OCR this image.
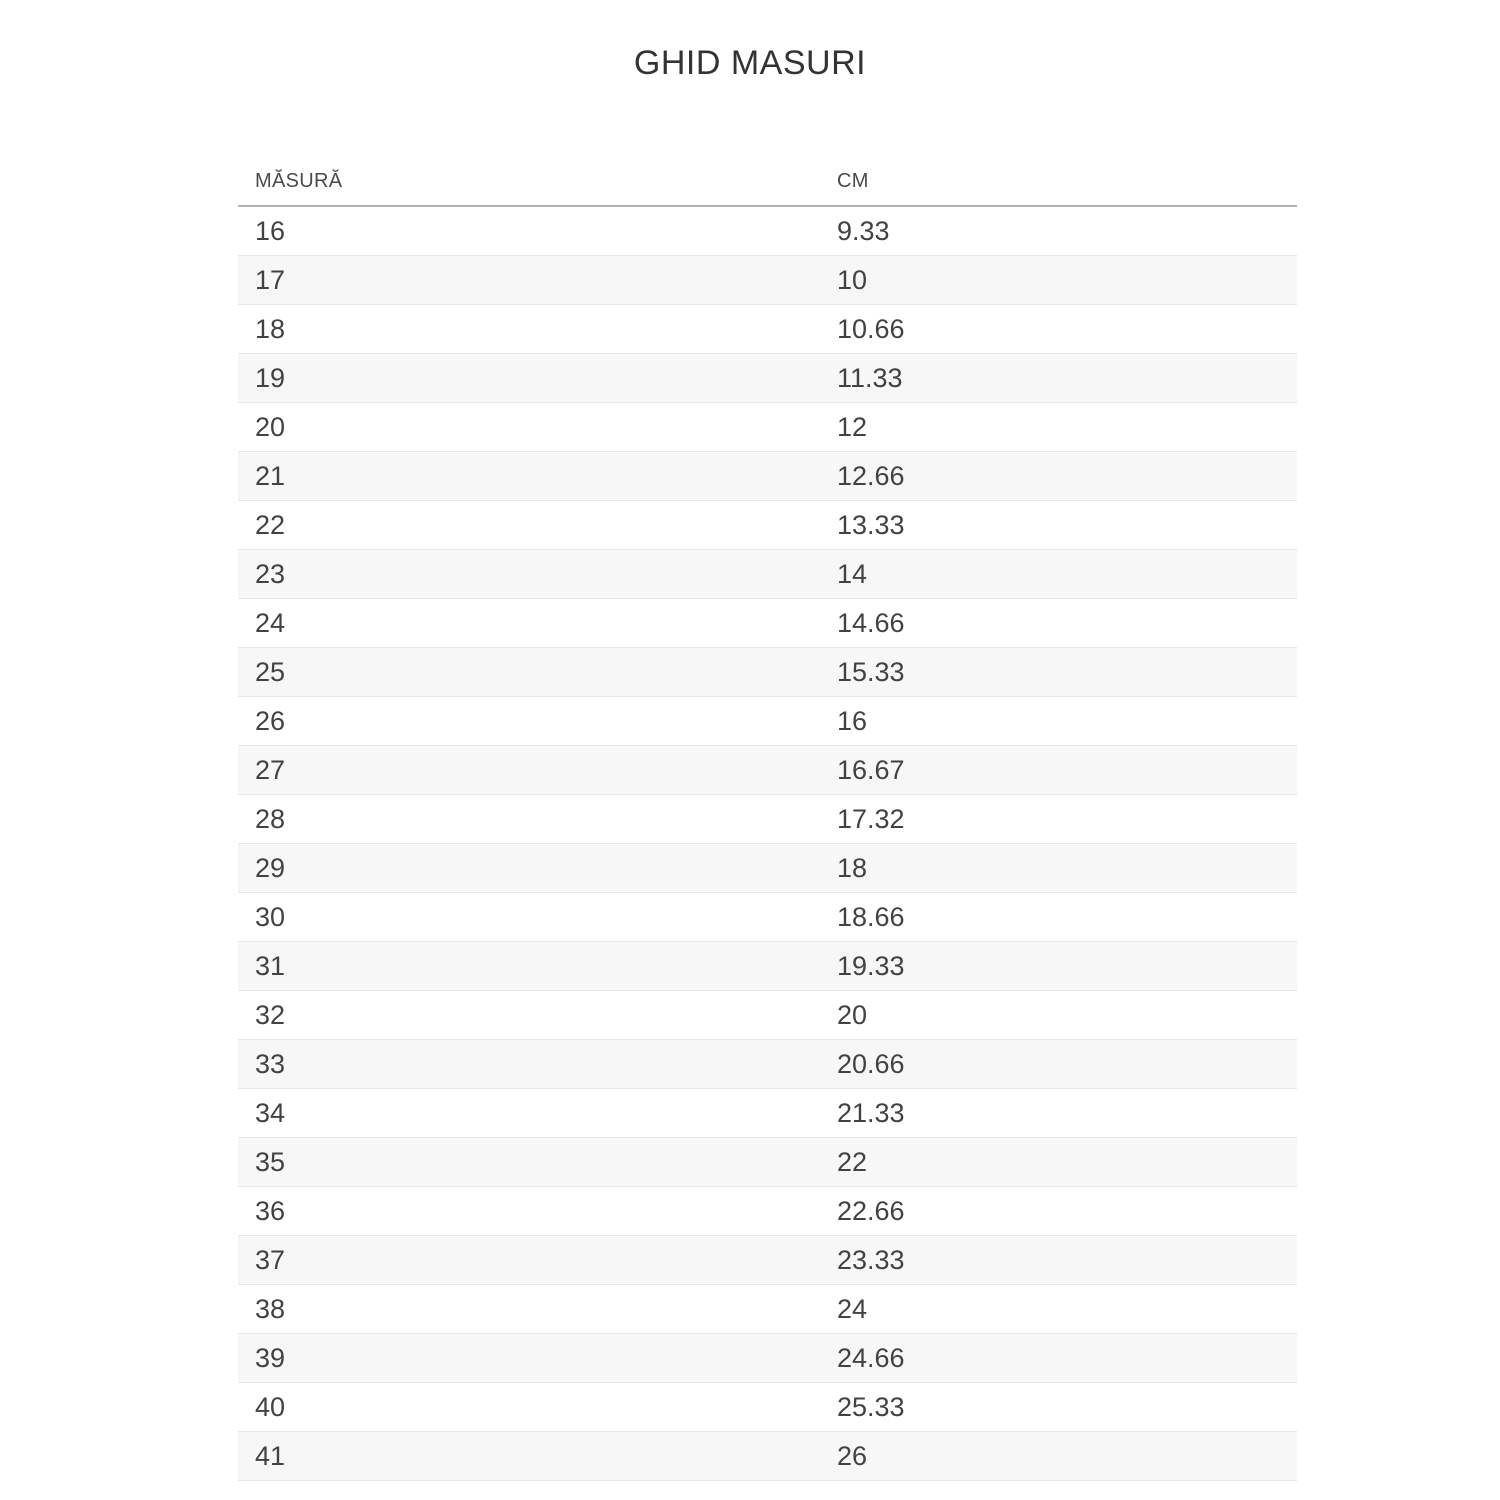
GHID MASURI
MĂSURĂ	CM
16	9.33
17	10
18	10.66
19	11.33
20	12
21	12.66
22	13.33
23	14
24	14.66
25	15.33
26	16
27	16.67
28	17.32
29	18
30	18.66
31	19.33
32	20
33	20.66
34	21.33
35	22
36	22.66
37	23.33
38	24
39	24.66
40	25.33
41	26
